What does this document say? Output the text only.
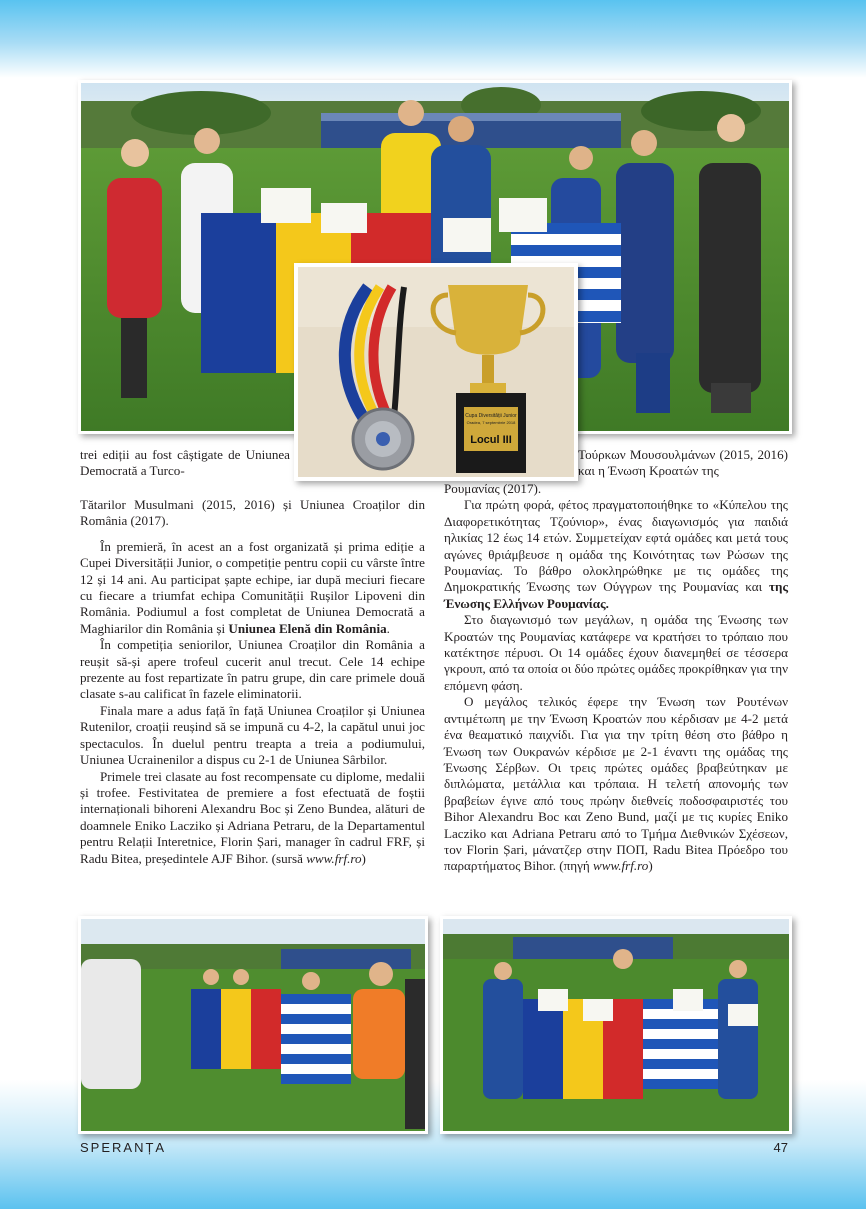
Cupa Diversității Junior
Oradea, 7 septembrie 2018
Locul III
trei ediții au fost câștigate de Uniunea Democrată a Turco-
Τούρκων Μουσουλμάνων (2015, 2016) και η Ένωση Κροατών της

Tătarilor Musulmani (2015, 2016) și Uniunea Croaților din România (2017).

În premieră, în acest an a fost organizată și prima ediție a Cupei Diversității Junior, o competiție pentru copii cu vârste între 12 și 14 ani. Au participat șapte echipe, iar după meciuri fiecare cu fiecare a triumfat echipa Comunității Rușilor Lipoveni din România. Podiumul a fost completat de Uniunea Democrată a Maghiarilor din România și Uniunea Elenă din România.

În competiția seniorilor, Uniunea Croaților din România a reușit să-și apere trofeul cucerit anul trecut. Cele 14 echipe prezente au fost repartizate în patru grupe, din care primele două clasate s-au calificat în fazele eliminatorii.

Finala mare a adus față în față Uniunea Croaților și Uniunea Rutenilor, croații reușind să se impună cu 4-2, la capătul unui joc spectaculos. În duelul pentru treapta a treia a podiumului, Uniunea Ucrainenilor a dispus cu 2-1 de Uniunea Sârbilor.

Primele trei clasate au fost recompensate cu diplome, medalii și trofee. Festivitatea de premiere a fost efectuată de foștii internaționali bihoreni Alexandru Boc și Zeno Bundea, alături de doamnele Eniko Lacziko și Adriana Petraru, de la Departamentul pentru Relații Interetnice, Florin Șari, manager în cadrul FRF, și Radu Bitea, președintele AJF Bihor. (sursă www.frf.ro)

Ρουμανίας (2017).

Για πρώτη φορά, φέτος πραγματοποιήθηκε το «Κύπελου της Διαφορετικότητας Τζούνιορ», ένας διαγωνισμός για παιδιά ηλικίας 12 έως 14 ετών. Συμμετείχαν εφτά ομάδες και μετά τους αγώνες θριάμβευσε η ομάδα της Κοινότητας των Ρώσων της Ρουμανίας. Το βάθρο ολοκληρώθηκε με τις ομάδες της Δημοκρατικής Ένωσης των Ούγγρων της Ρουμανίας και της Ένωσης Ελλήνων Ρουμανίας.

Στο διαγωνισμό των μεγάλων, η ομάδα της Ένωσης των Κροατών της Ρουμανίας κατάφερε να κρατήσει το τρόπαιο που κατέκτησε πέρυσι. Οι 14 ομάδες έχουν διανεμηθεί σε τέσσερα γκρουπ, από τα οποία οι δύο πρώτες ομάδες προκρίθηκαν για την επόμενη φάση.

Ο μεγάλος τελικός έφερε την Ένωση των Ρουτένων αντιμέτωπη με την Ένωση Κροατών που κέρδισαν με 4-2 μετά ένα θεαματικό παιχνίδι. Για για την τρίτη θέση στο βάθρο η Ένωση των Ουκρανών κέρδισε με 2-1 έναντι της ομάδας της Ένωσης Σέρβων. Οι τρεις πρώτες ομάδες βραβεύτηκαν με διπλώματα, μετάλλια και τρόπαια. Η τελετή απονομής των βραβείων έγινε από τους πρώην διεθνείς ποδοσφαιριστές του Bihor Alexandru Boc και Zeno Bund, μαζί με τις κυρίες Eniko Lacziko και Adriana Petraru από το Τμήμα Διεθνικών Σχέσεων, τον Florin Șari, μάνατζερ στην ΠΟΠ, Radu Bitea Πρόεδρο του παραρτήματος Bihor. (πηγή www.frf.ro)

SPERANȚA	47
